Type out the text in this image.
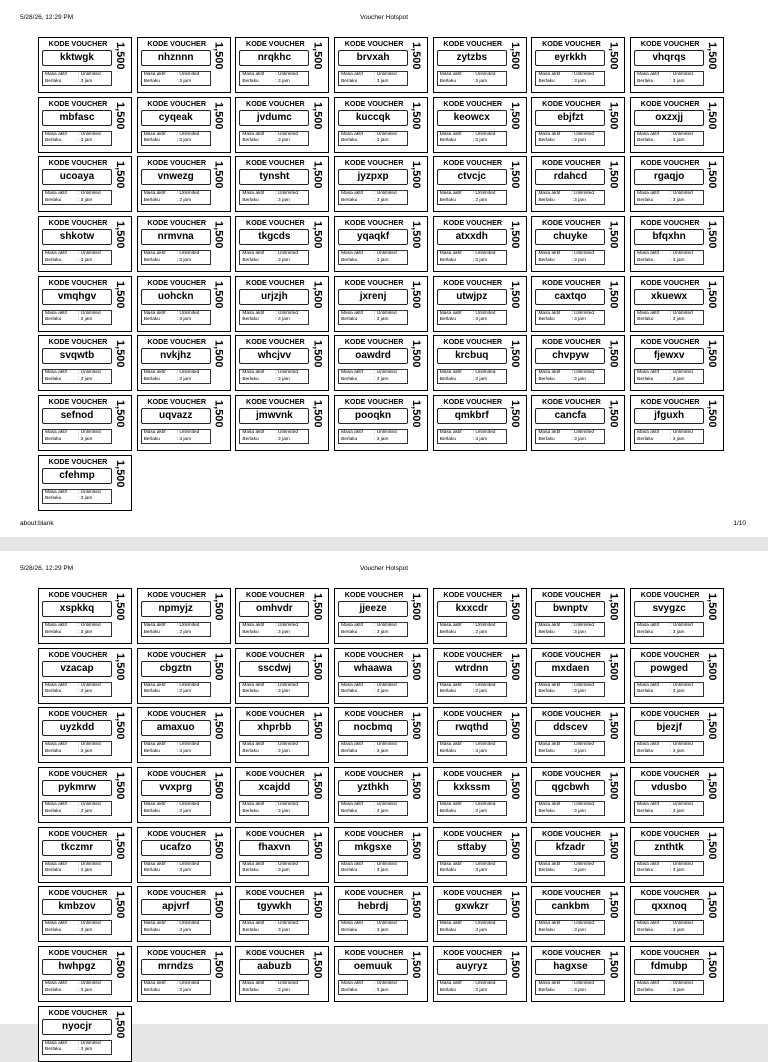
5/28/26, 12:29 PM	Voucher Hotspot
KODE VOUCHER
kktwgk
Masa aktif : Unlimited
Berlaku	: 3 jam
1,500	KODE VOUCHER
nhznnn
Masa aktif : Unlimited
Berlaku	: 3 jam
1,500	KODE VOUCHER
nrqkhc
Masa aktif : Unlimited
Berlaku	: 3 jam
1,500	KODE VOUCHER
brvxah
Masa aktif : Unlimited
Berlaku	: 3 jam
1,500	KODE VOUCHER
zytzbs
Masa aktif : Unlimited
Berlaku	: 3 jam
1,500	KODE VOUCHER
eyrkkh
Masa aktif : Unlimited
Berlaku	: 3 jam
1,500	KODE VOUCHER
vhqrqs
Masa aktif : Unlimited
Berlaku	: 3 jam
1,500
KODE VOUCHER
mbfasc
Masa aktif : Unlimited
Berlaku	: 3 jam
1,500	KODE VOUCHER
cyqeak
Masa aktif : Unlimited
Berlaku	: 3 jam
1,500	KODE VOUCHER
jvdumc
Masa aktif : Unlimited
Berlaku	: 3 jam
1,500	KODE VOUCHER
kuccqk
Masa aktif : Unlimited
Berlaku	: 3 jam
1,500	KODE VOUCHER
keowcx
Masa aktif : Unlimited
Berlaku	: 3 jam
1,500	KODE VOUCHER
ebjfzt
Masa aktif : Unlimited
Berlaku	: 3 jam
1,500	KODE VOUCHER
oxzxjj
Masa aktif : Unlimited
Berlaku	: 3 jam
1,500
KODE VOUCHER
ucoaya
Masa aktif : Unlimited
Berlaku	: 3 jam
1,500	KODE VOUCHER
vnwezg
Masa aktif : Unlimited
Berlaku	: 3 jam
1,500	KODE VOUCHER
tynsht
Masa aktif : Unlimited
Berlaku	: 3 jam
1,500	KODE VOUCHER
jyzpxp
Masa aktif : Unlimited
Berlaku	: 3 jam
1,500	KODE VOUCHER
ctvcjc
Masa aktif : Unlimited
Berlaku	: 3 jam
1,500	KODE VOUCHER
rdahcd
Masa aktif : Unlimited
Berlaku	: 3 jam
1,500	KODE VOUCHER
rgaqjo
Masa aktif : Unlimited
Berlaku	: 3 jam
1,500
KODE VOUCHER
shkotw
Masa aktif : Unlimited
Berlaku	: 3 jam
1,500	KODE VOUCHER
nrmvna
Masa aktif : Unlimited
Berlaku	: 3 jam
1,500	KODE VOUCHER
tkgcds
Masa aktif : Unlimited
Berlaku	: 3 jam
1,500	KODE VOUCHER
yqaqkf
Masa aktif : Unlimited
Berlaku	: 3 jam
1,500	KODE VOUCHER
atxxdh
Masa aktif : Unlimited
Berlaku	: 3 jam
1,500	KODE VOUCHER
chuyke
Masa aktif : Unlimited
Berlaku	: 3 jam
1,500	KODE VOUCHER
bfqxhn
Masa aktif : Unlimited
Berlaku	: 3 jam
1,500
KODE VOUCHER
vmqhgv
Masa aktif : Unlimited
Berlaku	: 3 jam
1,500	KODE VOUCHER
uohckn
Masa aktif : Unlimited
Berlaku	: 3 jam
1,500	KODE VOUCHER
urjzjh
Masa aktif : Unlimited
Berlaku	: 3 jam
1,500	KODE VOUCHER
jxrenj
Masa aktif : Unlimited
Berlaku	: 3 jam
1,500	KODE VOUCHER
utwjpz
Masa aktif : Unlimited
Berlaku	: 3 jam
1,500	KODE VOUCHER
caxtqo
Masa aktif : Unlimited
Berlaku	: 3 jam
1,500	KODE VOUCHER
xkuewx
Masa aktif : Unlimited
Berlaku	: 3 jam
1,500
KODE VOUCHER
svqwtb
Masa aktif : Unlimited
Berlaku	: 3 jam
1,500	KODE VOUCHER
nvkjhz
Masa aktif : Unlimited
Berlaku	: 3 jam
1,500	KODE VOUCHER
whcjvv
Masa aktif : Unlimited
Berlaku	: 3 jam
1,500	KODE VOUCHER
oawdrd
Masa aktif : Unlimited
Berlaku	: 3 jam
1,500	KODE VOUCHER
krcbuq
Masa aktif : Unlimited
Berlaku	: 3 jam
1,500	KODE VOUCHER
chvpyw
Masa aktif : Unlimited
Berlaku	: 3 jam
1,500	KODE VOUCHER
fjewxv
Masa aktif : Unlimited
Berlaku	: 3 jam
1,500
KODE VOUCHER
sefnod
Masa aktif : Unlimited
Berlaku	: 3 jam
1,500	KODE VOUCHER
uqvazz
Masa aktif : Unlimited
Berlaku	: 3 jam
1,500	KODE VOUCHER
jmwvnk
Masa aktif : Unlimited
Berlaku	: 3 jam
1,500	KODE VOUCHER
pooqkn
Masa aktif : Unlimited
Berlaku	: 3 jam
1,500	KODE VOUCHER
qmkbrf
Masa aktif : Unlimited
Berlaku	: 3 jam
1,500	KODE VOUCHER
cancfa
Masa aktif : Unlimited
Berlaku	: 3 jam
1,500	KODE VOUCHER
jfguxh
Masa aktif : Unlimited
Berlaku	: 3 jam
1,500
KODE VOUCHER
cfehmp
Masa aktif : Unlimited
Berlaku	: 3 jam
1,500
about:blank	1/10
5/28/26, 12:29 PM	Voucher Hotspot
KODE VOUCHER
xspkkq
Masa aktif : Unlimited
Berlaku	: 3 jam
1,500	KODE VOUCHER
npmyjz
Masa aktif : Unlimited
Berlaku	: 3 jam
1,500	KODE VOUCHER
omhvdr
Masa aktif : Unlimited
Berlaku	: 3 jam
1,500	KODE VOUCHER
jjeeze
Masa aktif : Unlimited
Berlaku	: 3 jam
1,500	KODE VOUCHER
kxxcdr
Masa aktif : Unlimited
Berlaku	: 3 jam
1,500	KODE VOUCHER
bwnptv
Masa aktif : Unlimited
Berlaku	: 3 jam
1,500	KODE VOUCHER
svygzc
Masa aktif : Unlimited
Berlaku	: 3 jam
1,500
KODE VOUCHER
vzacap
Masa aktif : Unlimited
Berlaku	: 3 jam
1,500	KODE VOUCHER
cbgztn
Masa aktif : Unlimited
Berlaku	: 3 jam
1,500	KODE VOUCHER
sscdwj
Masa aktif : Unlimited
Berlaku	: 3 jam
1,500	KODE VOUCHER
whaawa
Masa aktif : Unlimited
Berlaku	: 3 jam
1,500	KODE VOUCHER
wtrdnn
Masa aktif : Unlimited
Berlaku	: 3 jam
1,500	KODE VOUCHER
mxdaen
Masa aktif : Unlimited
Berlaku	: 3 jam
1,500	KODE VOUCHER
powged
Masa aktif : Unlimited
Berlaku	: 3 jam
1,500
KODE VOUCHER
uyzkdd
Masa aktif : Unlimited
Berlaku	: 3 jam
1,500	KODE VOUCHER
amaxuo
Masa aktif : Unlimited
Berlaku	: 3 jam
1,500	KODE VOUCHER
xhprbb
Masa aktif : Unlimited
Berlaku	: 3 jam
1,500	KODE VOUCHER
nocbmq
Masa aktif : Unlimited
Berlaku	: 3 jam
1,500	KODE VOUCHER
rwqthd
Masa aktif : Unlimited
Berlaku	: 3 jam
1,500	KODE VOUCHER
ddscev
Masa aktif : Unlimited
Berlaku	: 3 jam
1,500	KODE VOUCHER
bjezjf
Masa aktif : Unlimited
Berlaku	: 3 jam
1,500
KODE VOUCHER
pykmrw
Masa aktif : Unlimited
Berlaku	: 3 jam
1,500	KODE VOUCHER
vvxprg
Masa aktif : Unlimited
Berlaku	: 3 jam
1,500	KODE VOUCHER
xcajdd
Masa aktif : Unlimited
Berlaku	: 3 jam
1,500	KODE VOUCHER
yzthkh
Masa aktif : Unlimited
Berlaku	: 3 jam
1,500	KODE VOUCHER
kxkssm
Masa aktif : Unlimited
Berlaku	: 3 jam
1,500	KODE VOUCHER
qgcbwh
Masa aktif : Unlimited
Berlaku	: 3 jam
1,500	KODE VOUCHER
vdusbo
Masa aktif : Unlimited
Berlaku	: 3 jam
1,500
KODE VOUCHER
tkczmr
Masa aktif : Unlimited
Berlaku	: 3 jam
1,500	KODE VOUCHER
ucafzo
Masa aktif : Unlimited
Berlaku	: 3 jam
1,500	KODE VOUCHER
fhaxvn
Masa aktif : Unlimited
Berlaku	: 3 jam
1,500	KODE VOUCHER
mkgsxe
Masa aktif : Unlimited
Berlaku	: 3 jam
1,500	KODE VOUCHER
sttaby
Masa aktif : Unlimited
Berlaku	: 3 jam
1,500	KODE VOUCHER
kfzadr
Masa aktif : Unlimited
Berlaku	: 3 jam
1,500	KODE VOUCHER
znthtk
Masa aktif : Unlimited
Berlaku	: 3 jam
1,500
KODE VOUCHER
kmbzov
Masa aktif : Unlimited
Berlaku	: 3 jam
1,500	KODE VOUCHER
apjvrf
Masa aktif : Unlimited
Berlaku	: 3 jam
1,500	KODE VOUCHER
tgywkh
Masa aktif : Unlimited
Berlaku	: 3 jam
1,500	KODE VOUCHER
hebrdj
Masa aktif : Unlimited
Berlaku	: 3 jam
1,500	KODE VOUCHER
gxwkzr
Masa aktif : Unlimited
Berlaku	: 3 jam
1,500	KODE VOUCHER
cankbm
Masa aktif : Unlimited
Berlaku	: 3 jam
1,500	KODE VOUCHER
qxxnoq
Masa aktif : Unlimited
Berlaku	: 3 jam
1,500
KODE VOUCHER
hwhpgz
Masa aktif : Unlimited
Berlaku	: 3 jam
1,500	KODE VOUCHER
mrndzs
Masa aktif : Unlimited
Berlaku	: 3 jam
1,500	KODE VOUCHER
aabuzb
Masa aktif : Unlimited
Berlaku	: 3 jam
1,500	KODE VOUCHER
oemuuk
Masa aktif : Unlimited
Berlaku	: 3 jam
1,500	KODE VOUCHER
auyryz
Masa aktif : Unlimited
Berlaku	: 3 jam
1,500	KODE VOUCHER
hagxse
Masa aktif : Unlimited
Berlaku	: 3 jam
1,500	KODE VOUCHER
fdmubp
Masa aktif : Unlimited
Berlaku	: 3 jam
1,500
KODE VOUCHER
nyocjr
Masa aktif : Unlimited
Berlaku	: 3 jam
1,500
